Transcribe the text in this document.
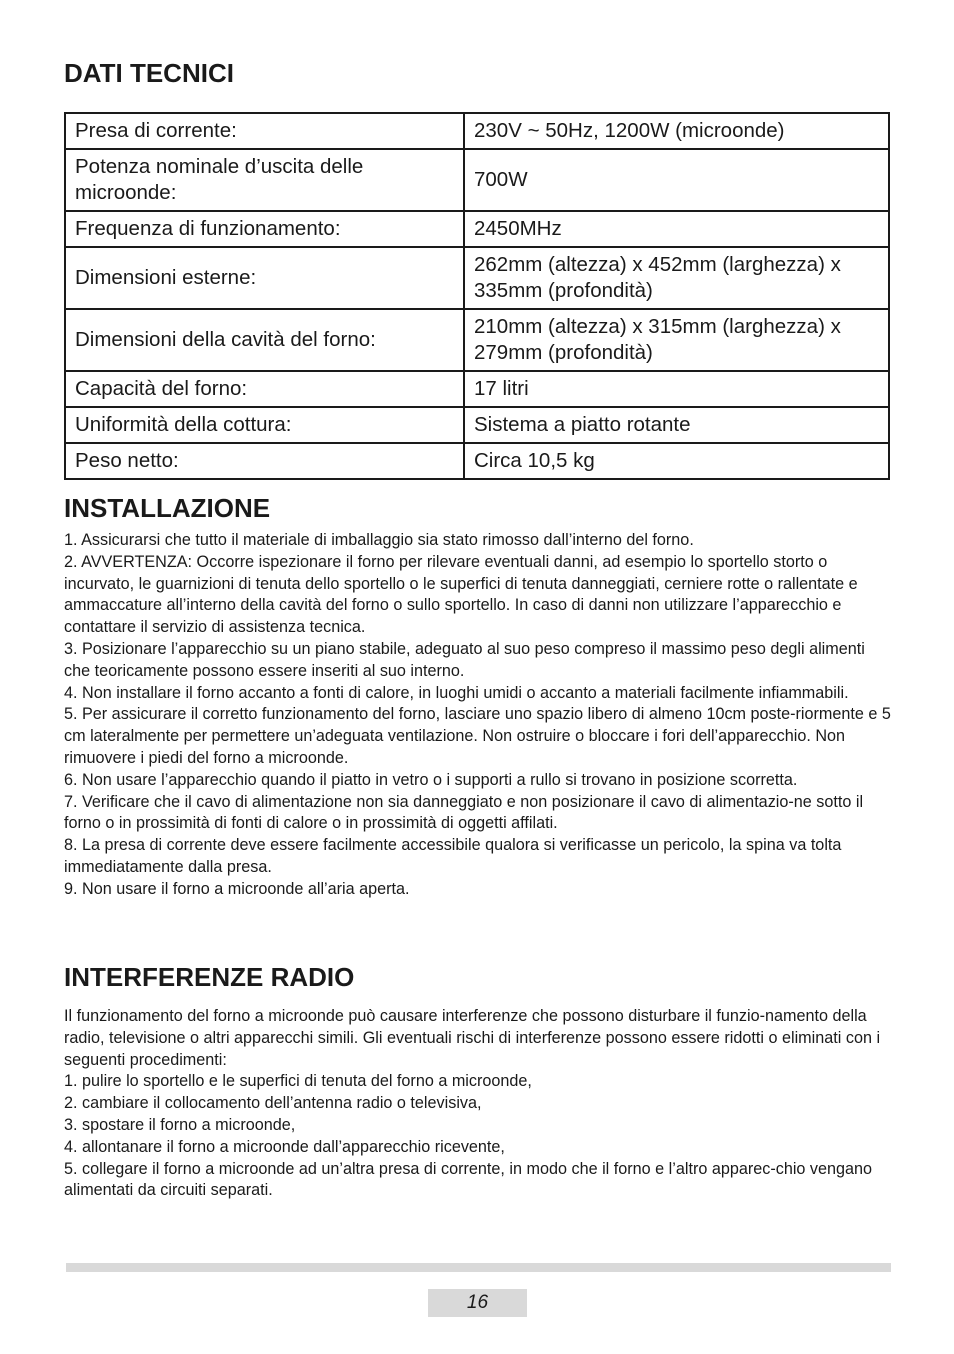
DATI TECNICI
Presa di corrente:	230V ~ 50Hz, 1200W (microonde)
Potenza nominale d’uscita delle microonde:	700W
Frequenza di funzionamento:	2450MHz
Dimensioni esterne:	262mm (altezza) x 452mm (larghezza) x 335mm (profondità)
Dimensioni della cavità del forno:	210mm (altezza) x 315mm (larghezza) x 279mm (profondità)
Capacità del forno:	17 litri
Uniformità della cottura:	Sistema a piatto rotante
Peso netto:	Circa 10,5 kg
INSTALLAZIONE

1. Assicurarsi che tutto il materiale di imballaggio sia stato rimosso dall’interno del forno.

2. AVVERTENZA: Occorre ispezionare il forno per rilevare eventuali danni, ad esempio lo sportello storto o incurvato, le guarnizioni di tenuta dello sportello o le superfici di tenuta danneggiati, cerniere rotte o rallentate e ammaccature all’interno della cavità del forno o sullo sportello. In caso di danni non utilizzare l’apparecchio e contattare il servizio di assistenza tecnica.

3. Posizionare l’apparecchio su un piano stabile, adeguato al suo peso compreso il massimo peso degli alimenti che teoricamente possono essere inseriti al suo interno.

4. Non installare il forno accanto a fonti di calore, in luoghi umidi o accanto a materiali facilmente infiammabili.

5. Per assicurare il corretto funzionamento del forno, lasciare uno spazio libero di almeno 10cm poste-riormente e 5 cm lateralmente per permettere un’adeguata ventilazione. Non ostruire o bloccare i fori dell’apparecchio. Non rimuovere i piedi del forno a microonde.

6. Non usare l’apparecchio quando il piatto in vetro o i supporti a rullo si trovano in posizione scorretta.

7. Verificare che il cavo di alimentazione non sia danneggiato e non posizionare il cavo di alimentazio-ne sotto il forno o in prossimità di fonti di calore o in prossimità di oggetti affilati.

8. La presa di corrente deve essere facilmente accessibile qualora si verificasse un pericolo, la spina va tolta immediatamente dalla presa.

9. Non usare il forno a microonde all’aria aperta.

INTERFERENZE RADIO

Il funzionamento del forno a microonde può causare interferenze che possono disturbare il funzio-namento della radio, televisione o altri apparecchi simili. Gli eventuali rischi di interferenze possono essere ridotti o eliminati con i seguenti procedimenti:

1. pulire lo sportello e le superfici di tenuta del forno a microonde,

2. cambiare il collocamento dell’antenna radio o televisiva,

3. spostare il forno a microonde,

4. allontanare il forno a microonde dall’apparecchio ricevente,

5. collegare il forno a microonde ad un’altra presa di corrente, in modo che il forno e l’altro apparec-chio vengano alimentati da circuiti separati.

16
